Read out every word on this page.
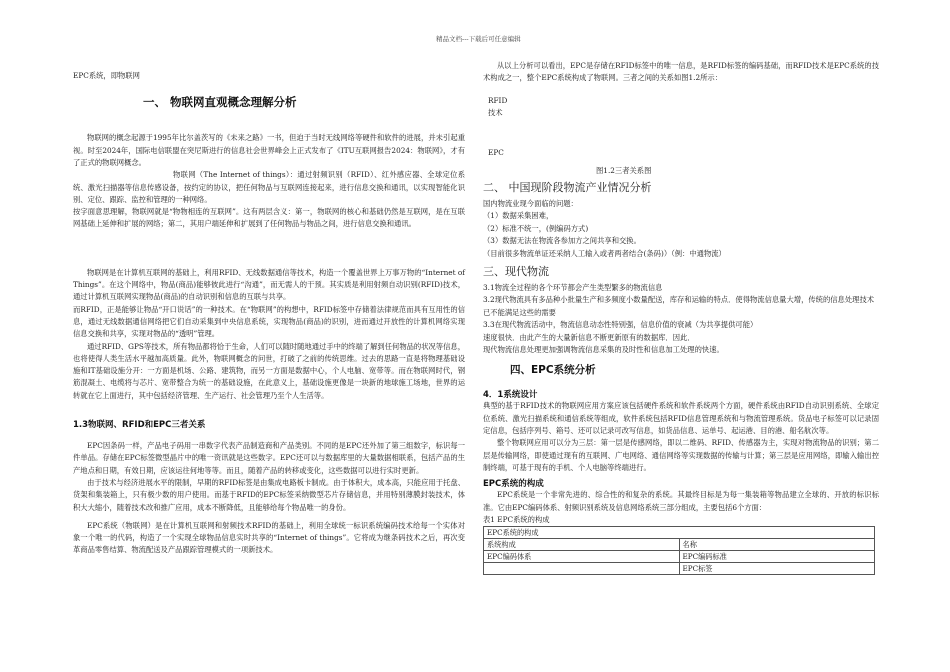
精品文档---下载后可任意编辑
EPC系统，即物联网
一、 物联网直观概念理解分析

物联网的概念起源于1995年比尔盖茨写的《未来之路》一书，但迫于当时无线网络等硬件和软件的进展，并未引起重视。时至2024年，国际电信联盟在突尼斯进行的信息社会世界峰会上正式发布了《ITU互联网报告2024：物联网》，才有了正式的物联网概念。

物联网（The Internet of things）：通过射频识别（RFID）、红外感应器、全球定位系统、激光扫描器等信息传感设备，按约定的协议，把任何物品与互联网连接起来，进行信息交换和通讯，以实现智能化识别、定位、跟踪、监控和管理的一种网络。

按字面意思理解，物联网就是“物物相连的互联网”。这有两层含义：第一，物联网的核心和基础仍然是互联网，是在互联网基础上延伸和扩展的网络；第二，其用户端延伸和扩展到了任何物品与物品之间，进行信息交换和通讯。

物联网是在计算机互联网的基础上，利用RFID、无线数据通信等技术，构造一个覆盖世界上万事万物的“Internet of Things”。在这个网络中，物品(商品)能够彼此进行“沟通”，而无需人的干预。其实质是利用射频自动识别(RFID)技术，通过计算机互联网实现物品(商品)的自动识别和信息的互联与共享。

而RFID，正是能够让物品“开口说话”的一种技术。在“物联网”的构想中，RFID标签中存储着法律规范而具有互用性的信息，通过无线数据通信网络把它们自动采集到中央信息系统，实现物品(商品)的识别，进而通过开放性的计算机网络实现信息交换和共享，实现对物品的“透明”管理。

通过RFID、GPS等技术，所有物品都将恰于生命，人们可以随时随地通过手中的终端了解到任何物品的状况等信息，也将使得人类生活水平越加高质量。此外，物联网概念的问世，打破了之前的传统思维。过去的思路一直是将物理基础设施和IT基础设施分开：一方面是机场、公路、建筑物，而另一方面是数据中心，个人电脑、宽带等。而在物联网时代，钢筋混凝土、电缆将与芯片、宽带整合为统一的基础设施，在此意义上，基础设施更像是一块新的地球施工场地，世界的运转就在它上面进行，其中包括经济管理、生产运行、社会管理乃至个人生活等。

1.3物联网、RFID和EPC三者关系

EPC因条码一样，产品电子码用一串数字代表产品制造商和产品类别。不同的是EPC还外加了第三组数字，标识每一件单品。存储在EPC标签微型晶片中的唯一资讯就是这些数字。EPC还可以与数据库里的大量数据相联系，包括产品的生产地点和日期，有效日期，应该运往何地等等。而且，随着产品的转移或变化，这些数据可以进行实时更新。

由于技术与经济进展水平的限制，早期的RFID标签是由集成电路板卡制成。由于体积大，成本高，只能应用于托盘、货架和集装箱上，只有极少数的用户使用。而基于RFID的EPC标签采纳微型芯片存储信息，并用特别薄膜封装技术，体积大大缩小，随着技术改和推广应用，成本不断降低，且能够给每个物品唯一的身份。

EPC系统（物联网）是在计算机互联网和射频技术RFID的基础上，利用全球统一标识系统编码技术给每一个实体对象一个唯一的代码，构造了一个实现全球物品信息实时共享的“Internet of things”。它将成为继条码技术之后，再次变革商品零售结算、物流配送及产品跟踪管理模式的一项新技术。

从以上分析可以看出，EPC是存储在RFID标签中的唯一信息，是RFID标签的编码基础，而RFID技术是EPC系统的技术构成之一，整个EPC系统构成了物联网。三者之间的关系如图1.2所示：

RFID
技术
EPC
图1.2三者关系图
二、 中国现阶段物流产业情况分析
国内物流业现今面临的问题：
（1）数据采集困难，
（2）标准不统一，(例编码方式)
（3）数据无法在物流各参加方之间共享和交换。
（目前很多物流单证还采纳人工输入或者两者结合(条码)）（例：中通物流）
三、现代物流
3.1物流全过程的各个环节都会产生类型繁多的物流信息
3.2现代物流具有多品种小批量生产和多频度小数量配送，库存和运输的特点．使得物流信息量大增，传统的信息处理技术已不能满足这些的需要
3.3在现代物流活动中，物流信息动态性特别强，信息价值的衰减（为共享提供可能）
速度很快．由此产生的大量新信息不断更新原有的数据库．因此．
现代物流信息处理更加强调物流信息采集的及时性和信息加工处理的快速。
四、EPC系统分析
4．1系统设计

典型的基于RFID技术的物联网应用方案应该包括硬件系统和软件系统两个方面，硬件系统由RFID自动识别系统、全球定位系统、激光扫描系统和通信系统等组成，软件系统包括RFID信息管理系统和与物流管理系统。货品电子标签可以记录固定信息，包括序列号、箱号、还可以记录可改写信息，如货品信息、运单号、起运港、目的港、船名航次等。

整个物联网应用可以分为三层：第一层是传感网络，即以二维码、RFID、传感器为主，实现对物流物品的识别；第二层是传输网络，即使通过现有的互联网、广电网络、通信网络等实现数据的传输与计算；第三层是应用网络，即输入输出控制终端，可基于现有的手机、个人电脑等终端进行。

EPC系统的构成

EPC系统是一个非常先进的、综合性的和复杂的系统。其最终目标是为每一集装箱等物品建立全球的、开放的标识标准。它由EPC编码体系、射频识别系统及信息网络系统三部分组成，主要包括6个方面：

表1 EPC系统的构成
EPC系统的构成	
系统构成	名称
EPC编码体系	EPC编码标准
	EPC标签
